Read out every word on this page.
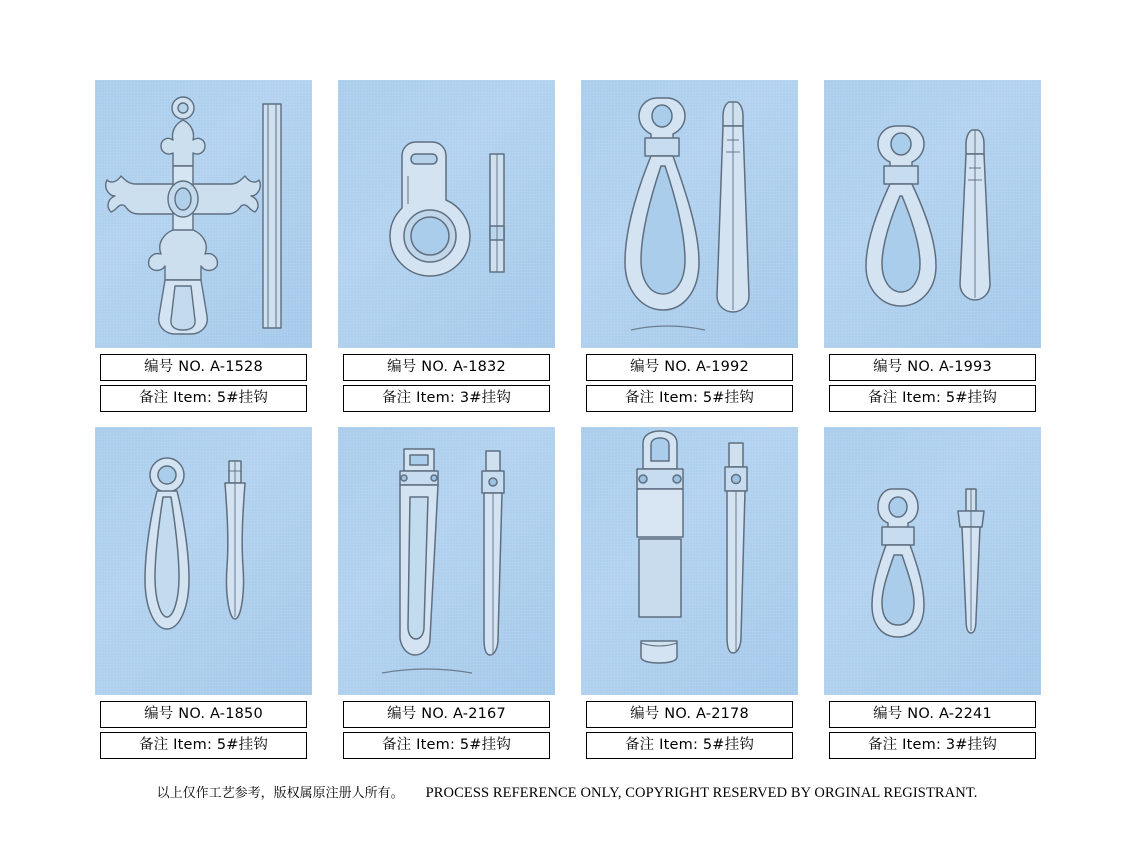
编号 NO. A-1528
备注 Item: 5#挂钩
编号 NO. A-1832
备注 Item: 3#挂钩
编号 NO. A-1992
备注 Item: 5#挂钩
编号 NO. A-1993
备注 Item: 5#挂钩
编号 NO. A-1850
备注 Item: 5#挂钩
编号 NO. A-2167
备注 Item: 5#挂钩
编号 NO. A-2178
备注 Item: 5#挂钩
编号 NO. A-2241
备注 Item: 3#挂钩
以上仅作工艺参考，版权属原注册人所有。 PROCESS REFERENCE ONLY, COPYRIGHT RESERVED BY ORGINAL REGISTRANT.
